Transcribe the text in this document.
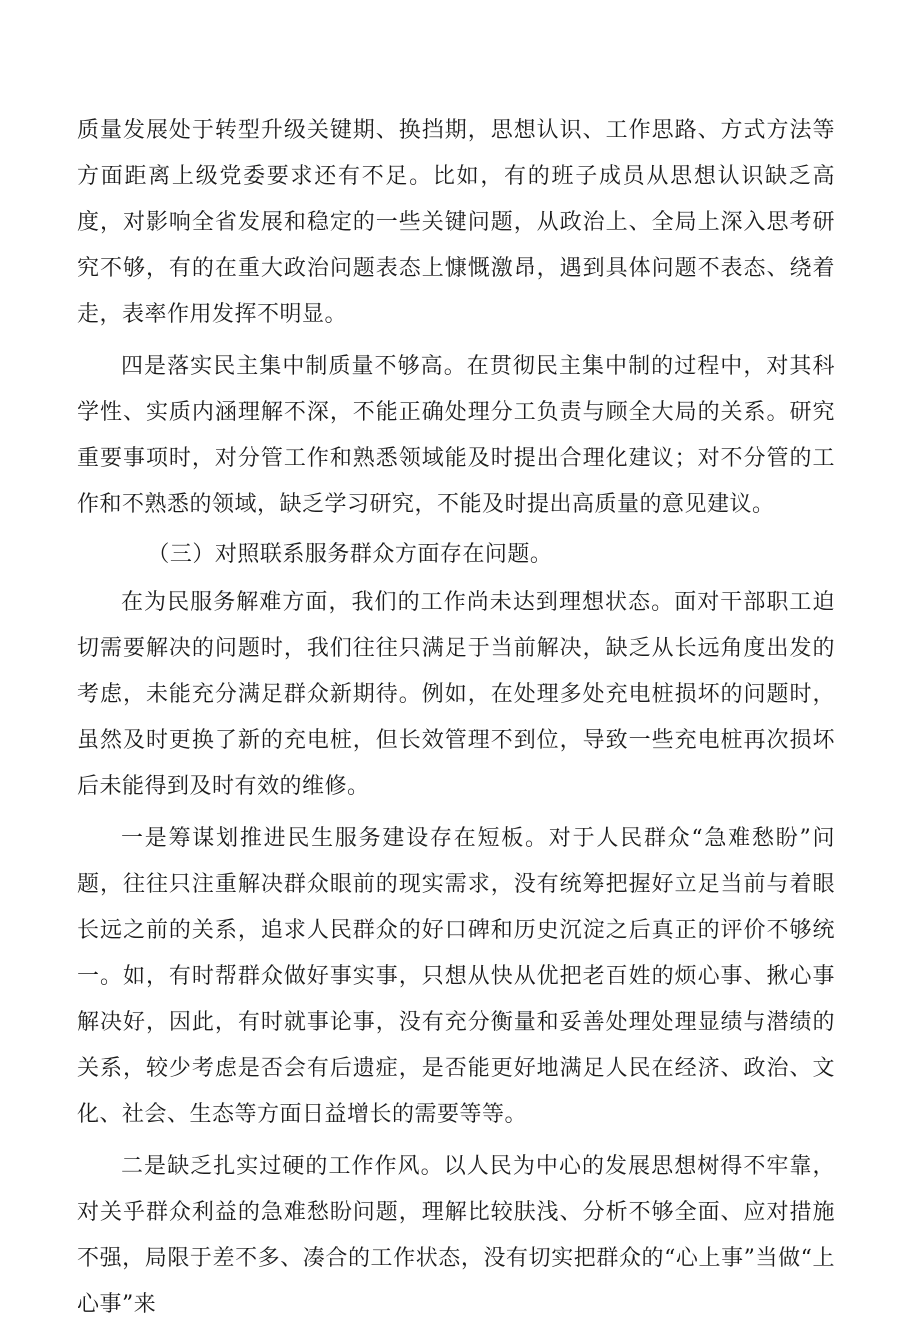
质量发展处于转型升级关键期、换挡期，思想认识、工作思路、方式方法等方面距离上级党委要求还有不足。比如，有的班子成员从思想认识缺乏高度，对影响全省发展和稳定的一些关键问题，从政治上、全局上深入思考研究不够，有的在重大政治问题表态上慷慨激昂，遇到具体问题不表态、绕着走，表率作用发挥不明显。

四是落实民主集中制质量不够高。在贯彻民主集中制的过程中，对其科学性、实质内涵理解不深，不能正确处理分工负责与顾全大局的关系。研究重要事项时，对分管工作和熟悉领域能及时提出合理化建议；对不分管的工作和不熟悉的领域，缺乏学习研究，不能及时提出高质量的意见建议。

（三）对照联系服务群众方面存在问题。

在为民服务解难方面，我们的工作尚未达到理想状态。面对干部职工迫切需要解决的问题时，我们往往只满足于当前解决，缺乏从长远角度出发的考虑，未能充分满足群众新期待。例如，在处理多处充电桩损坏的问题时，虽然及时更换了新的充电桩，但长效管理不到位，导致一些充电桩再次损坏后未能得到及时有效的维修。

一是筹谋划推进民生服务建设存在短板。对于人民群众“急难愁盼”问题，往往只注重解决群众眼前的现实需求，没有统筹把握好立足当前与着眼长远之前的关系，追求人民群众的好口碑和历史沉淀之后真正的评价不够统一。如，有时帮群众做好事实事，只想从快从优把老百姓的烦心事、揪心事解决好，因此，有时就事论事，没有充分衡量和妥善处理处理显绩与潜绩的关系，较少考虑是否会有后遗症，是否能更好地满足人民在经济、政治、文化、社会、生态等方面日益增长的需要等等。

二是缺乏扎实过硬的工作作风。以人民为中心的发展思想树得不牢靠，对关乎群众利益的急难愁盼问题，理解比较肤浅、分析不够全面、应对措施不强，局限于差不多、凑合的工作状态，没有切实把群众的“心上事”当做“上心事”来
